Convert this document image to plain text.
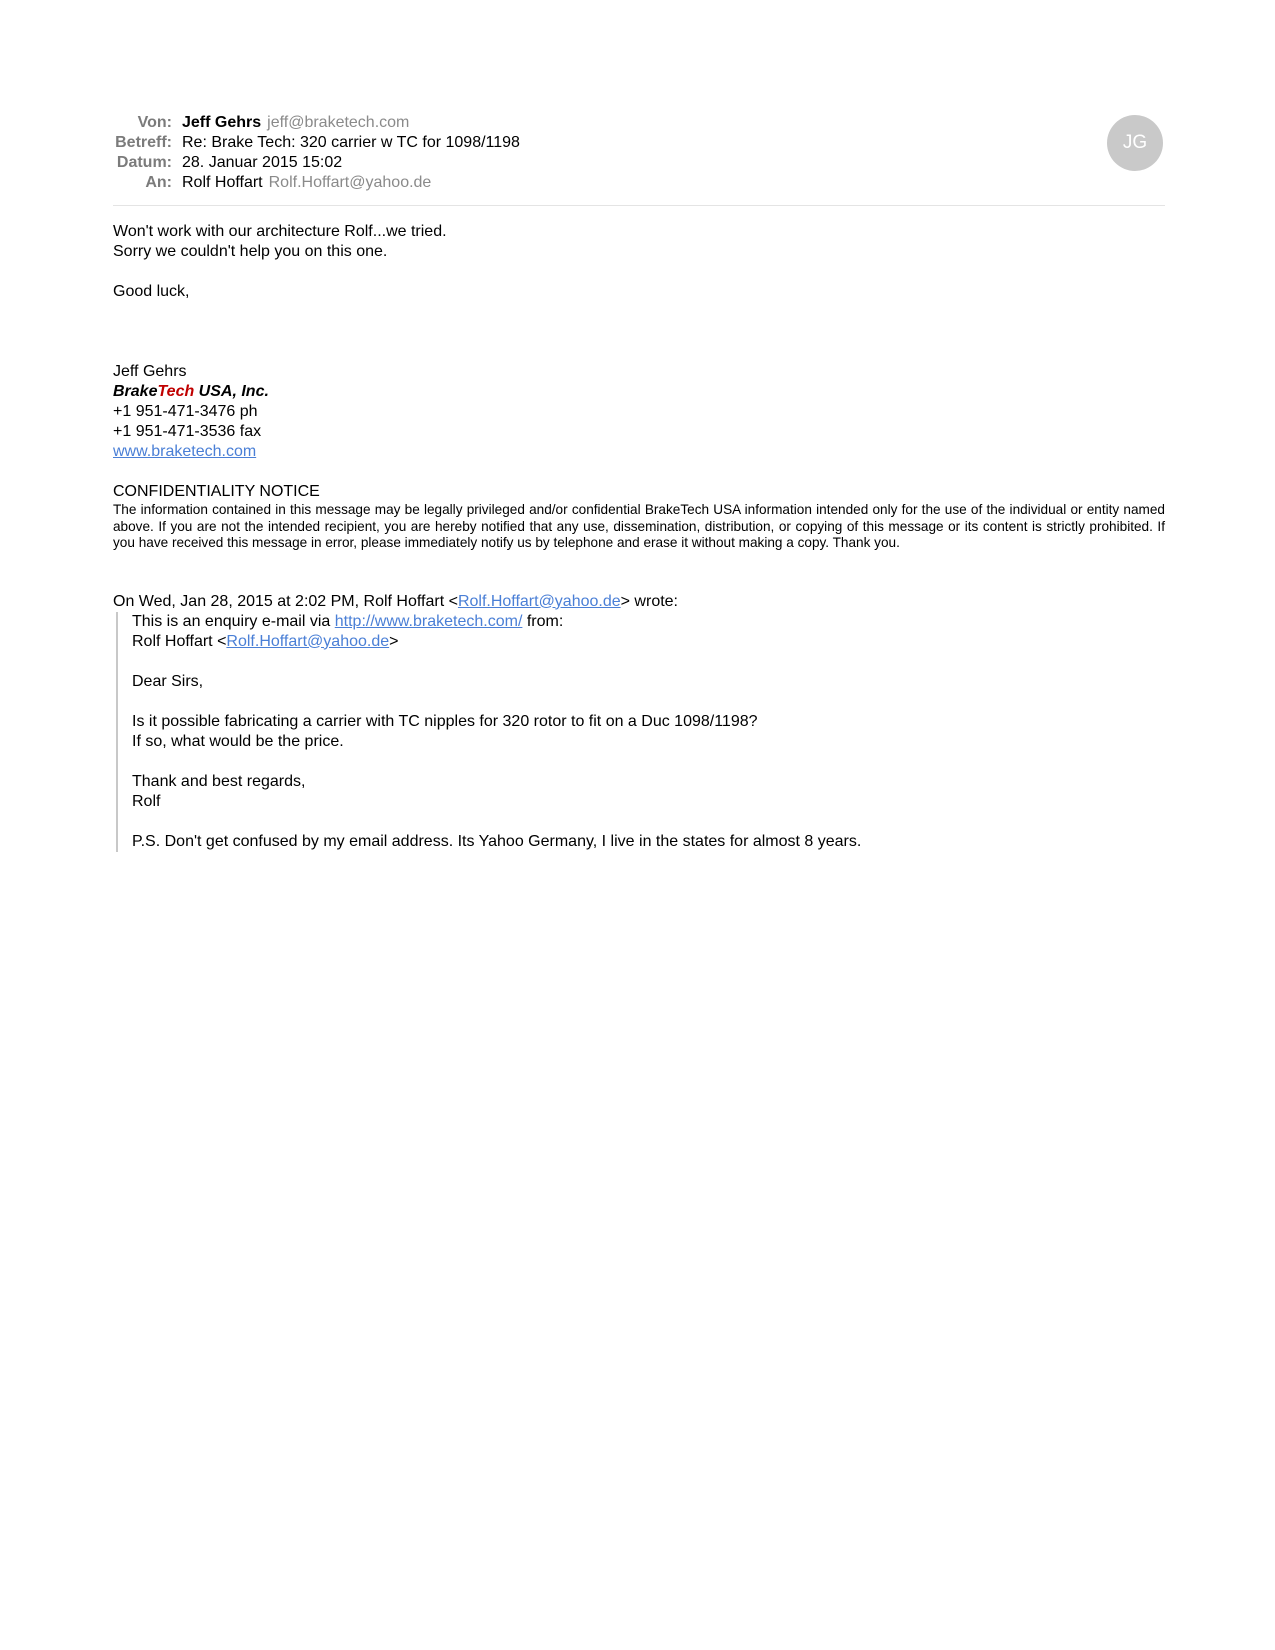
Von: Jeff Gehrs jeff@braketech.com
Betreff: Re: Brake Tech: 320 carrier w TC for 1098/1198
Datum: 28. Januar 2015 15:02
An: Rolf Hoffart Rolf.Hoffart@yahoo.de
JG
Won't work with our architecture Rolf...we tried.
Sorry we couldn't help you on this one.
Good luck,
Jeff Gehrs
BrakeTech USA, Inc.
+1 951-471-3476 ph
+1 951-471-3536 fax
www.braketech.com
CONFIDENTIALITY NOTICE
The information contained in this message may be legally privileged and/or confidential BrakeTech USA information intended only for the use of the individual or entity named above. If you are not the intended recipient, you are hereby notified that any use, dissemination, distribution, or copying of this message or its content is strictly prohibited. If you have received this message in error, please immediately notify us by telephone and erase it without making a copy. Thank you.
On Wed, Jan 28, 2015 at 2:02 PM, Rolf Hoffart <Rolf.Hoffart@yahoo.de> wrote:
This is an enquiry e-mail via http://www.braketech.com/ from:
Rolf Hoffart <Rolf.Hoffart@yahoo.de>
Dear Sirs,
Is it possible fabricating a carrier with TC nipples for 320 rotor to fit on a Duc 1098/1198?
If so, what would be the price.
Thank and best regards,
Rolf
P.S. Don't get confused by my email address. Its Yahoo Germany, I live in the states for almost 8 years.
